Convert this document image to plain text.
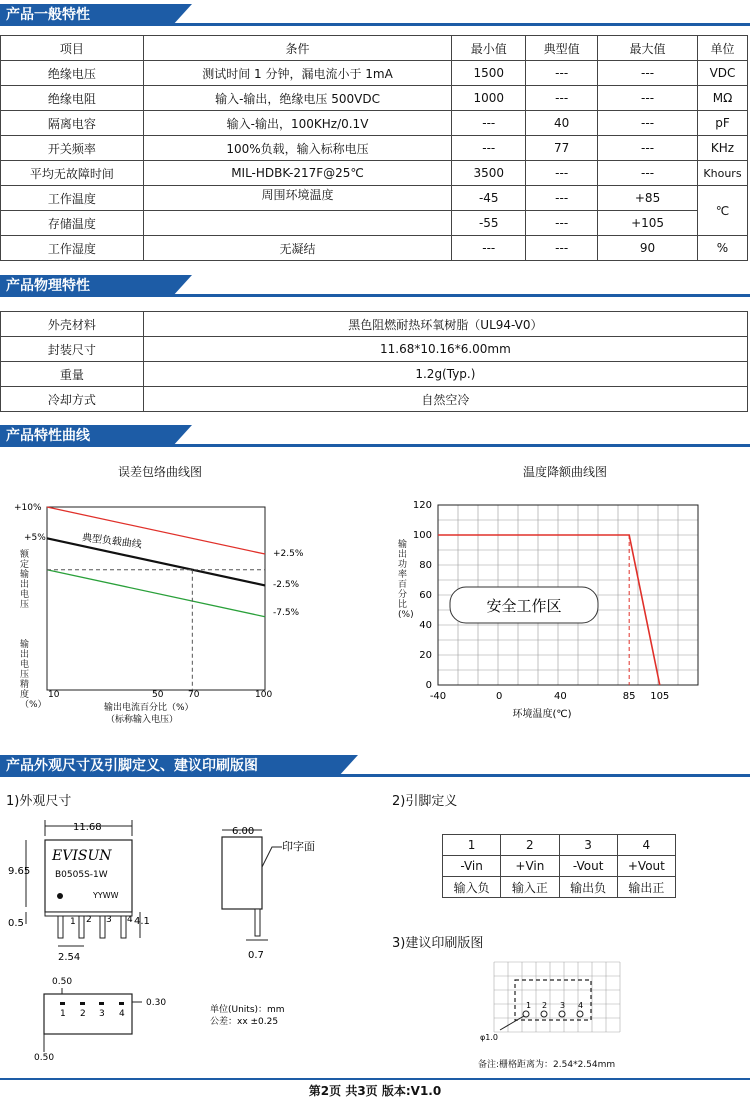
产品一般特性
项目	条件	最小值	典型值	最大值	单位
绝缘电压	测试时间 1 分钟，漏电流小于 1mA	1500	---	---	VDC
绝缘电阻	输入-输出，绝缘电压 500VDC	1000	---	---	MΩ
隔离电容	输入-输出，100KHz/0.1V	---	40	---	pF
开关频率	100%负载，输入标称电压	---	77	---	KHz
平均无故障时间	MIL-HDBK-217F@25℃	3500	---	---	Khours
工作温度	周围环境温度	-45	---	+85	℃
存储温度		-55	---	+105	
工作湿度	无凝结	---	---	90	%
产品物理特性
外壳材料	黑色阻燃耐热环氧树脂（UL94-V0）
封装尺寸	11.68*10.16*6.00mm
重量	1.2g(Typ.)
冷却方式	自然空冷
产品特性曲线
误差包络曲线图
典型负载曲线
+10%
+5%
+2.5%
-2.5%
-7.5%
10	50	70	100
输出电流百分比（%）
（标称输入电压）
额定输出电压
输出电压精度（%）
温度降额曲线图
安全工作区
0
20
40
60
80
100
120
-40	0	40	85 105
环境温度(℃)
输出功率百分比(%)
产品外观尺寸及引脚定义、建议印刷版图
1)外观尺寸	2)引脚定义
3)建议印刷版图
11.68
EVISUN
B0505S-1W
YYWW
9.65
1 2 3 4
0.5	4.1
2.54
6.00
0.7
印字面
0.50
1 2 3 4
0.30
0.50
单位(Units)：mm
公差：xx ±0.25
1	2	3	4
-Vin	+Vin	-Vout	+Vout
输入负	输入正	输出负	输出正
1 2 3 4
φ1.0
备注:栅格距离为：2.54*2.54mm
第2页 共3页 版本:V1.0
